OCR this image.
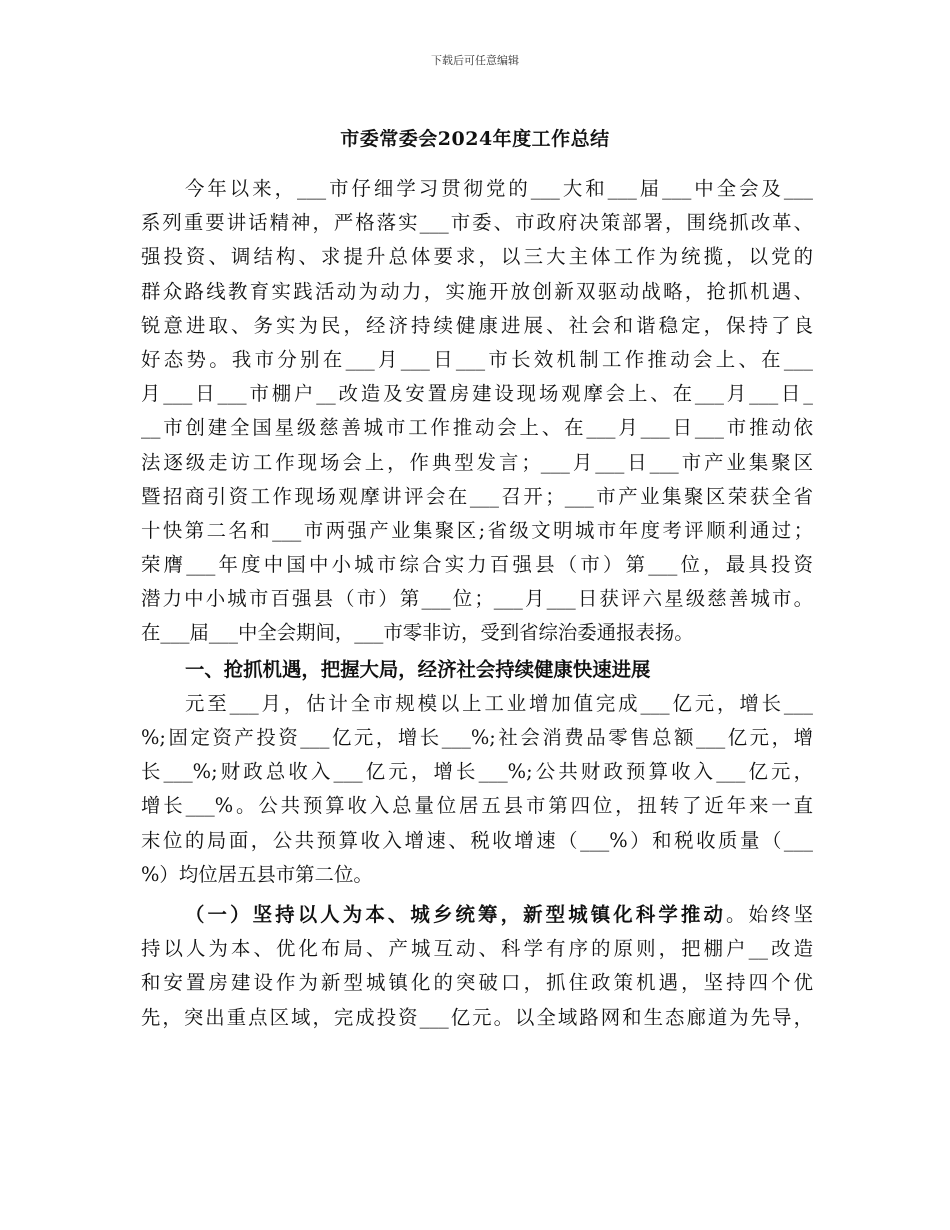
下载后可任意编辑
市委常委会2024年度工作总结
今年以来，___市仔细学习贯彻党的___大和___届___中全会及___
系列重要讲话精神，严格落实___市委、市政府决策部署，围绕抓改革、
强投资、调结构、求提升总体要求，以三大主体工作为统揽，以党的
群众路线教育实践活动为动力，实施开放创新双驱动战略，抢抓机遇、
锐意进取、务实为民，经济持续健康进展、社会和谐稳定，保持了良
好态势。我市分别在___月___日___市长效机制工作推动会上、在___
月___日___市棚户__改造及安置房建设现场观摩会上、在___月___日_
__市创建全国星级慈善城市工作推动会上、在___月___日___市推动依
法逐级走访工作现场会上，作典型发言；___月___日___市产业集聚区
暨招商引资工作现场观摩讲评会在___召开；___市产业集聚区荣获全省
十快第二名和___市两强产业集聚区;省级文明城市年度考评顺利通过；
荣膺___年度中国中小城市综合实力百强县（市）第___位，最具投资
潜力中小城市百强县（市）第___位；___月___日获评六星级慈善城市。
在___届___中全会期间，___市零非访，受到省综治委通报表扬。
一、抢抓机遇，把握大局，经济社会持续健康快速进展
元至___月，估计全市规模以上工业增加值完成___亿元，增长___
%;固定资产投资___亿元，增长___%;社会消费品零售总额___亿元，增
长___%;财政总收入___亿元，增长___%;公共财政预算收入___亿元，
增长___%。公共预算收入总量位居五县市第四位，扭转了近年来一直
末位的局面，公共预算收入增速、税收增速（___%）和税收质量（___
%）均位居五县市第二位。
（一）坚持以人为本、城乡统筹，新型城镇化科学推动。始终坚
持以人为本、优化布局、产城互动、科学有序的原则，把棚户__改造
和安置房建设作为新型城镇化的突破口，抓住政策机遇，坚持四个优
先，突出重点区域，完成投资___亿元。以全域路网和生态廊道为先导，
